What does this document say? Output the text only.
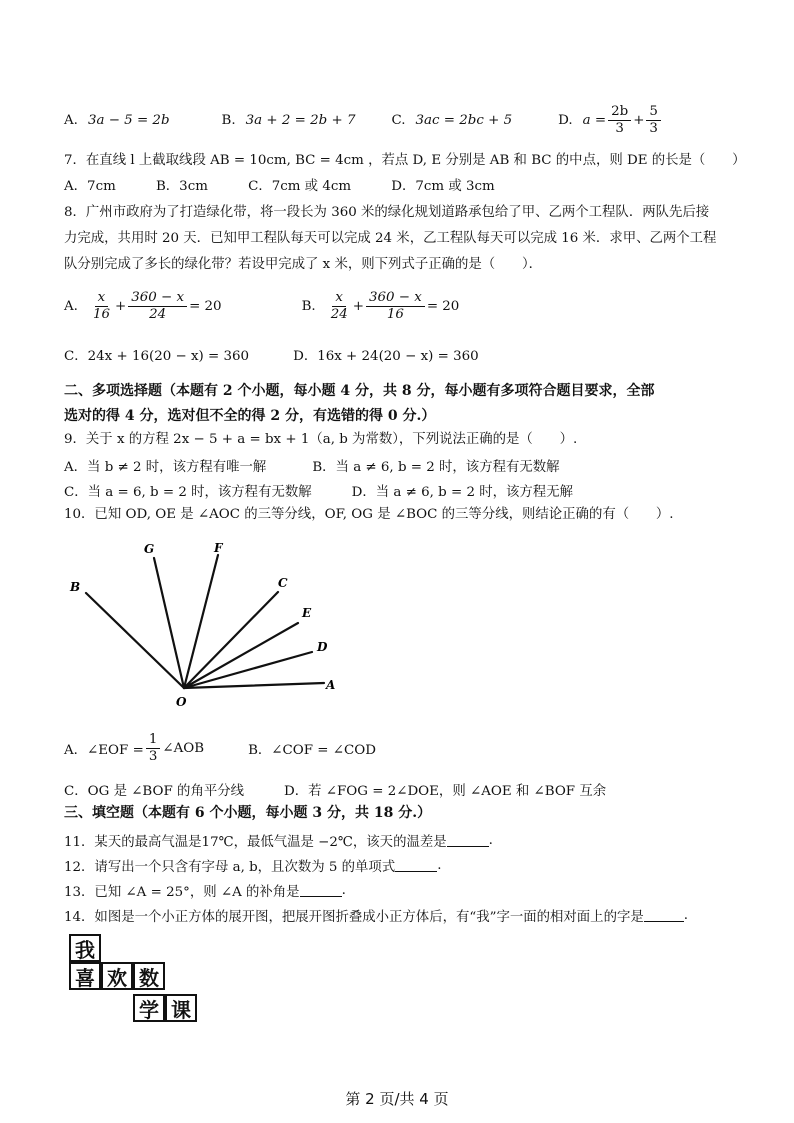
A. 3a − 5 = 2b	B. 3a + 2 = 2b + 7	C. 3ac = 2bc + 5	D. $a = \frac{2b}{3} + \frac{5}{3}$
7．在直线 l 上截取线段 AB = 10cm, BC = 4cm ，若点 D, E 分别是 AB 和 BC 的中点，则 DE 的长是（　　）
A．7cm　　　B．3cm　　　C．7cm 或 4cm　　　D．7cm 或 3cm
8．广州市政府为了打造绿化带，将一段长为 360 米的绿化规划道路承包给了甲、乙两个工程队．两队先后接
力完成，共用时 20 天．已知甲工程队每天可以完成 24 米，乙工程队每天可以完成 16 米．求甲、乙两个工程
队分别完成了多长的绿化带？若设甲完成了 x 米，则下列式子正确的是（　　）．
A. $\frac{x}{16} + \frac{360 - x}{24} = 20$	B. $\frac{x}{24} + \frac{360 - x}{16} = 20$
C．24x + 16(20 − x) = 360	D．16x + 24(20 − x) = 360
二、多项选择题（本题有 2 个小题，每小题 4 分，共 8 分，每小题有多项符合题目要求，全部
选对的得 4 分，选对但不全的得 2 分，有选错的得 0 分.）
9．关于 x 的方程 2x − 5 + a = bx + 1（a, b 为常数），下列说法正确的是（　　）.
A．当 b ≠ 2 时，该方程有唯一解	B．当 a ≠ 6, b = 2 时，该方程有无数解
C．当 a = 6, b = 2 时，该方程有无数解	D．当 a ≠ 6, b = 2 时，该方程无解
10．已知 OD, OE 是 ∠AOC 的三等分线，OF, OG 是 ∠BOC 的三等分线，则结论正确的有（　　）.
G	F
C
E
D
A
B
O
A．∠EOF = $\frac{1}{3}$ ∠AOB	B．∠COF = ∠COD
C．OG 是 ∠BOF 的角平分线	D．若 ∠FOG = 2∠DOE，则 ∠AOE 和 ∠BOF 互余
三、填空题（本题有 6 个小题，每小题 3 分，共 18 分.）
11．某天的最高气温是17℃，最低气温是 −2℃，该天的温差是	.
12．请写出一个只含有字母 a, b，且次数为 5 的单项式	.
13．已知 ∠A = 25°，则 ∠A 的补角是	.
14．如图是一个小正方体的展开图，把展开图折叠成小正方体后，有“我”字一面的相对面上的字是	.
我
喜 欢 数
学 课
第 2 页/共 4 页
